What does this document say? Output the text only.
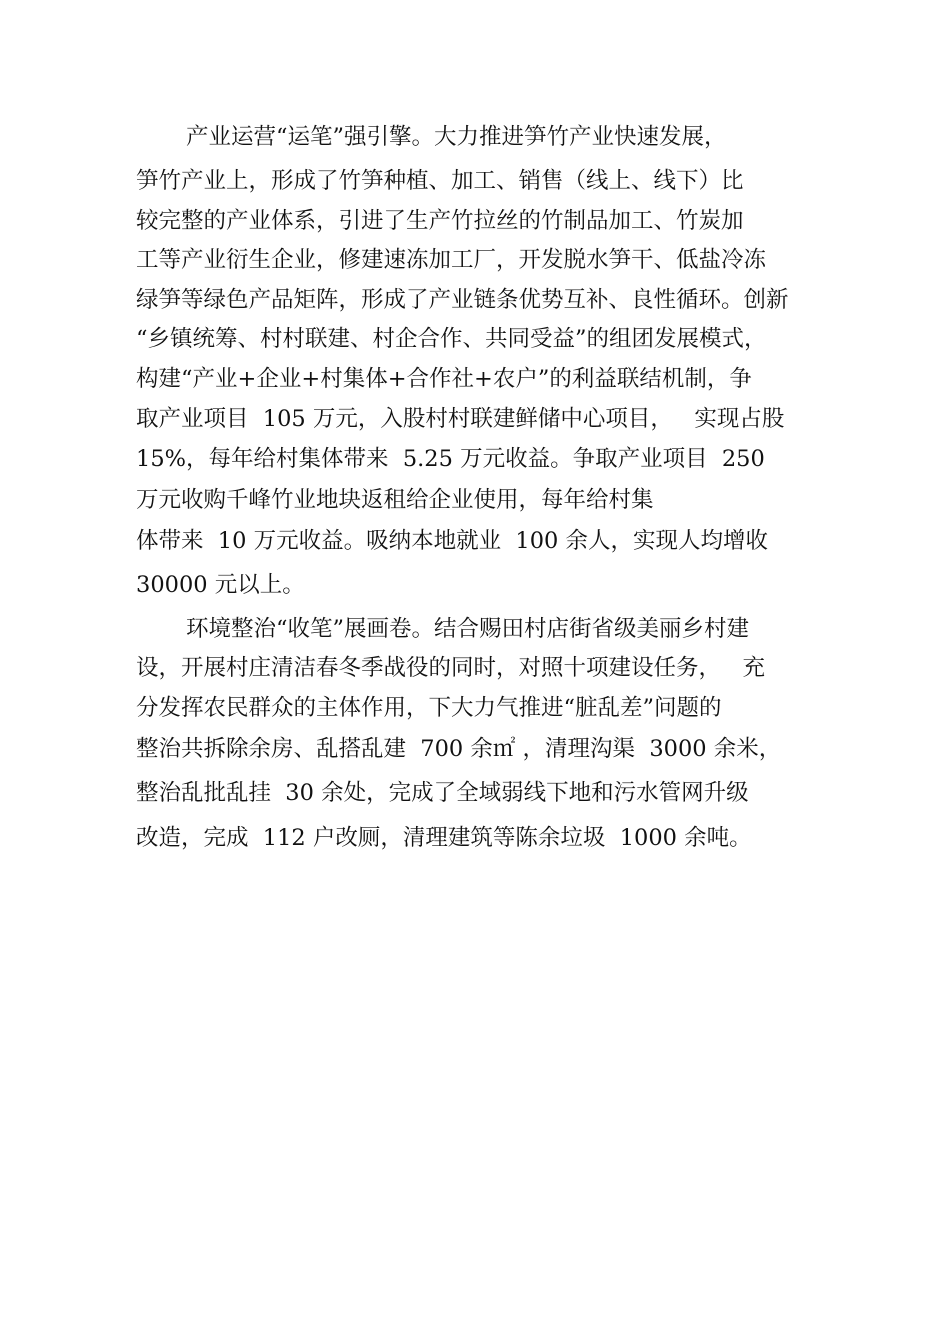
产业运营“运笔”强引擎。大力推进笋竹产业快速发展，
笋竹产业上，形成了竹笋种植、加工、销售（线上、线下）比
较完整的产业体系，引进了生产竹拉丝的竹制品加工、竹炭加
工等产业衍生企业，修建速冻加工厂，开发脱水笋干、低盐冷冻
绿笋等绿色产品矩阵，形成了产业链条优势互补、良性循环。创新
“乡镇统筹、村村联建、村企合作、共同受益”的组团发展模式，
构建“产业+企业+村集体+合作社+农户”的利益联结机制，争
取产业项目  105 万元，入股村村联建鲜储中心项目，   实现占股
15%，每年给村集体带来  5.25 万元收益。争取产业项目  250
万元收购千峰竹业地块返租给企业使用，每年给村集
体带来  10 万元收益。吸纳本地就业  100 余人，实现人均增收
30000 元以上。
环境整治“收笔”展画卷。结合赐田村店街省级美丽乡村建
设，开展村庄清洁春冬季战役的同时，对照十项建设任务，   充
分发挥农民群众的主体作用，下大力气推进“脏乱差”问题的
整治共拆除余房、乱搭乱建  700 余㎡ ，清理沟渠  3000 余米，
整治乱批乱挂  30 余处，完成了全域弱线下地和污水管网升级
改造，完成  112 户改厕，清理建筑等陈余垃圾  1000 余吨。
